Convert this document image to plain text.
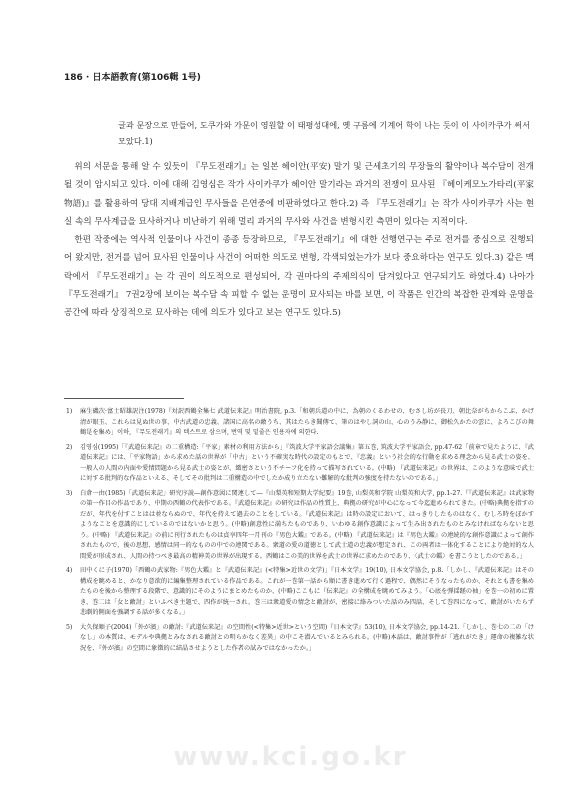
186 · 日本語教育(第106輯 1号)
글과 문장으로 만들어, 도쿠가와 가문이 영원할 이 태평성대에, 옛 구름에 기계어 학이 나는 듯이 이 사이카쿠가 써서 모았다.1)

위의 서문을 통해 알 수 있듯이 『무도전래기』는 일본 헤이안(平安) 말기 및 근세초기의 무장들의 활약이나 복수담이 전개될 것이 암시되고 있다. 이에 대해 김영심은 작가 사이카쿠가 헤이안 말기라는 과거의 전쟁이 묘사된 『헤이케모노가타리(平家物語)』를 활용하여 당대 지배계급인 무사들을 은연중에 비판하였다고 한다.2) 즉 『무도전래기』는 작가 사이카쿠가 사는 현실 속의 무사계급을 묘사하거나 비난하기 위해 멀리 과거의 무사와 사건을 변형시킨 측면이 있다는 지적이다.

한편 작중에는 역사적 인물이나 사건이 종종 등장하므로, 『무도전래기』에 대한 선행연구는 주로 전거를 중심으로 진행되어 왔지만, 전거를 넘어 묘사된 인물이나 사건이 어떠한 의도로 변형, 각색되었는가가 보다 중요하다는 연구도 있다.3) 같은 맥락에서 『무도전래기』는 각 권이 의도적으로 편성되어, 각 권마다의 주제의식이 담겨있다고 연구되기도 하였다.4) 나아가 『무도전래기』 7권2장에 보이는 복수담 속 피할 수 없는 운명이 묘사되는 바를 보면, 이 작품은 인간의 복잡한 관계와 운명을 공간에 따라 상징적으로 묘사하는 데에 의도가 있다고 보는 연구도 있다.5)

1) 麻生磯次·富士昭雄訳注(1978)『対訳西鶴全集七 武道伝来記』明治書院, p.3.「和朝兵道の中に、為朝のくるわせの、むさし坊が長刀、朝比奈がちからこぶ、かげ清が眼玉、これらは見ぬ世の事、中古武道の忠義、諸国に高名の敵うち、其はたらき聞傳て、筆のはやし詞の山、心のうみ静に、御松久かたの雲に、よろこびの舞鶴是を集め」이하, 『무도전래기』의 텍스트로 삼으며, 번역 및 밑줄은 인용자에 의한다.
2) 김영심(1995)「『武道伝来記』の二重構造:「平家」素材の利用方法から」『筑波大学平家語会議集』第五巻, 筑波大学平家語会, pp.47-62「前章で見たように、『武道伝来記』には、「平家物語」から求めた話の世界が「中古」という不確実な時代の設定のもとで、『忠義』という社会的な行動を求める理念から見る武士の姿を、一般人の人間の内面や愛情問題から見る武士の姿とが、緻密さという不チーフ化を持って描写されている。(中略) 『武道伝来記』の世界は、このような意味で武士に対する批判的な作品といえる、そしてその批判は二重構造の中でしたか成り立たない難解的な批判の強度を持たないのである。」
3) 白倉一由(1985)「武道伝来記」研究序説―創作意図に関連して―『山梨英和短期大学紀要』19巻, 山梨英和学院 山梨英和大学, pp.1-27.『『武道伝来記』は武家物の第一作目の作品であり、中期の西鶴の代表作である。『武道伝来記』の研究は作品の性質上、典拠の研究が中心になって今迄進められてきた。(中略)典拠を指すのだが、年代を付すことはは並ならぬので、年代を持えて過去のことをしている。『武道伝来記』は時の設定において、はっきりしたものはなく、むしろ時をぼかすようなことを意識的にしているのではないかと思う。(中略)創意性に満ちたものであり、いわゆる創作意識によって生み出されたものとみなければならないと思う。(中略) 『武道伝来記』の前に刊行されたものは貞享四年一月刊の『男色大鑑』である。(中略) 『武道伝来記』は『男色大鑑』の連続的な創作意識によって創作されたもので、後の思想、感情は同一的なものの中での連関である。衆道の愛の道徳として武士道の忠義が想定され、この両者は一体化することにより絶対的な人間愛が形成され、人間の持つべき最高の精神美の世界が出現する。西鶴はこの美的世界を武士の世界に求めたのであり、〈武士の鑑〉を書こうとしたのである。」
4) 田中くに子(1970)「西鶴の武家物:『男色大鑑』と『武道伝来記』(<特集>近世の文学)」『日本文学』19(10), 日本文学協会, p.8.「しかし、『武道伝来記』はその構成を眺めると、かなり意欲的に編集整理されている作品である。これが一巻第一話から順に書き進めて行く過程で、偶然にそうなったものか、それとも書を集めたものを後から整理する段階で、意識的にそのようにまとめたものか、(中略)ここもに『伝来記』の全構成を眺めてみよう。「心底を弾揺蹉の袖」を巻一の初めに置き、巻二は「女と敵討」といふべき主題で、四作が統一され、巻三は衆道愛の情念と敵討が、密接に絡みついた話のみ四話、そして巻四になって、敵討がいたらず悲劇的側面を強調する話が多くなる。」
5) 大久保順子(2004)「外が濱」の敵討:『武道伝来記』の空間性(<特集>近世>という空間)『日本文学』53(10), 日本文学協会, pp.14-21.「しかし、巻七の二の「けなし」の本質は、モデルや典拠とみなされる敵討との明らかなく差異」の中こそ潜んでいるとみられる。(中略)本話は、敵討事件が「逃れがたき」運命の複雑な状況を、『外が濱』の空間に象徴的に結晶させようとした作者の試みではなかったか。」
www.kci.go.kr
